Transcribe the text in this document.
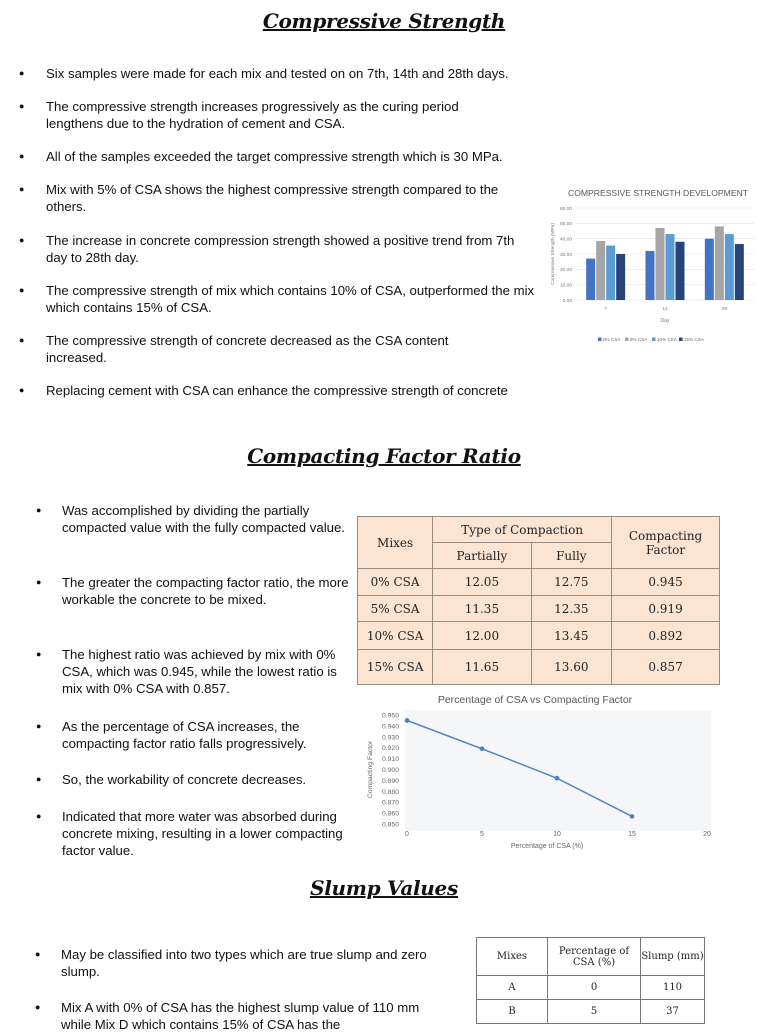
Compressive Strength
● Six samples were made for each mix and tested on on 7th, 14th and 28th days.
● The compressive strength increases progressively as the curing period lengthens due to the hydration of cement and CSA.
● All of the samples exceeded the target compressive strength which is 30 MPa.
● Mix with 5% of CSA shows the highest compressive strength compared to the others.
● The increase in concrete compression strength showed a positive trend from 7th day to 28th day.
● The compressive strength of mix which contains 10% of CSA, outperformed the mix which contains 15% of CSA.
● The compressive strength of concrete decreased as the CSA content increased.
● Replacing cement with CSA can enhance the compressive strength of concrete
COMPRESSIVE STRENGTH DEVELOPMENT
0.00
10.00
20.00
30.00
40.00
50.00
60.00
Compressive Strength (MPa)
7	14	28
Day
0% CSA 5% CSA 10% CSA 15% CSA
Compacting Factor Ratio
● Was accomplished by dividing the partially compacted value with the fully compacted value.
● The greater the compacting factor ratio, the more workable the concrete to be mixed.
● The highest ratio was achieved by mix with 0% CSA, which was 0.945, while the lowest ratio is mix with 0% CSA with 0.857.
● As the percentage of CSA increases, the compacting factor ratio falls progressively.
● So, the workability of concrete decreases.
● Indicated that more water was absorbed during concrete mixing, resulting in a lower compacting factor value.
Mixes	Type of Compaction		Compacting Factor
	Partially	Fully	
0% CSA	12.05	12.75	0.945
5% CSA	11.35	12.35	0.919
10% CSA	12.00	13.45	0.892
15% CSA	11.65	13.60	0.857
Percentage of CSA vs Compacting Factor
0.850
0.860
0.870
0.880
0.890
0.900
0.910
0.920
0.930
0.940
0.950
0	5	10	15	20
Compacting Factor
Percentage of CSA (%)
Slump Values
● May be classified into two types which are true slump and zero slump.
● Mix A with 0% of CSA has the highest slump value of 110 mm while Mix D which contains 15% of CSA has the
Mixes	Percentage of CSA (%)	Slump (mm)
A	0	110
B	5	37
